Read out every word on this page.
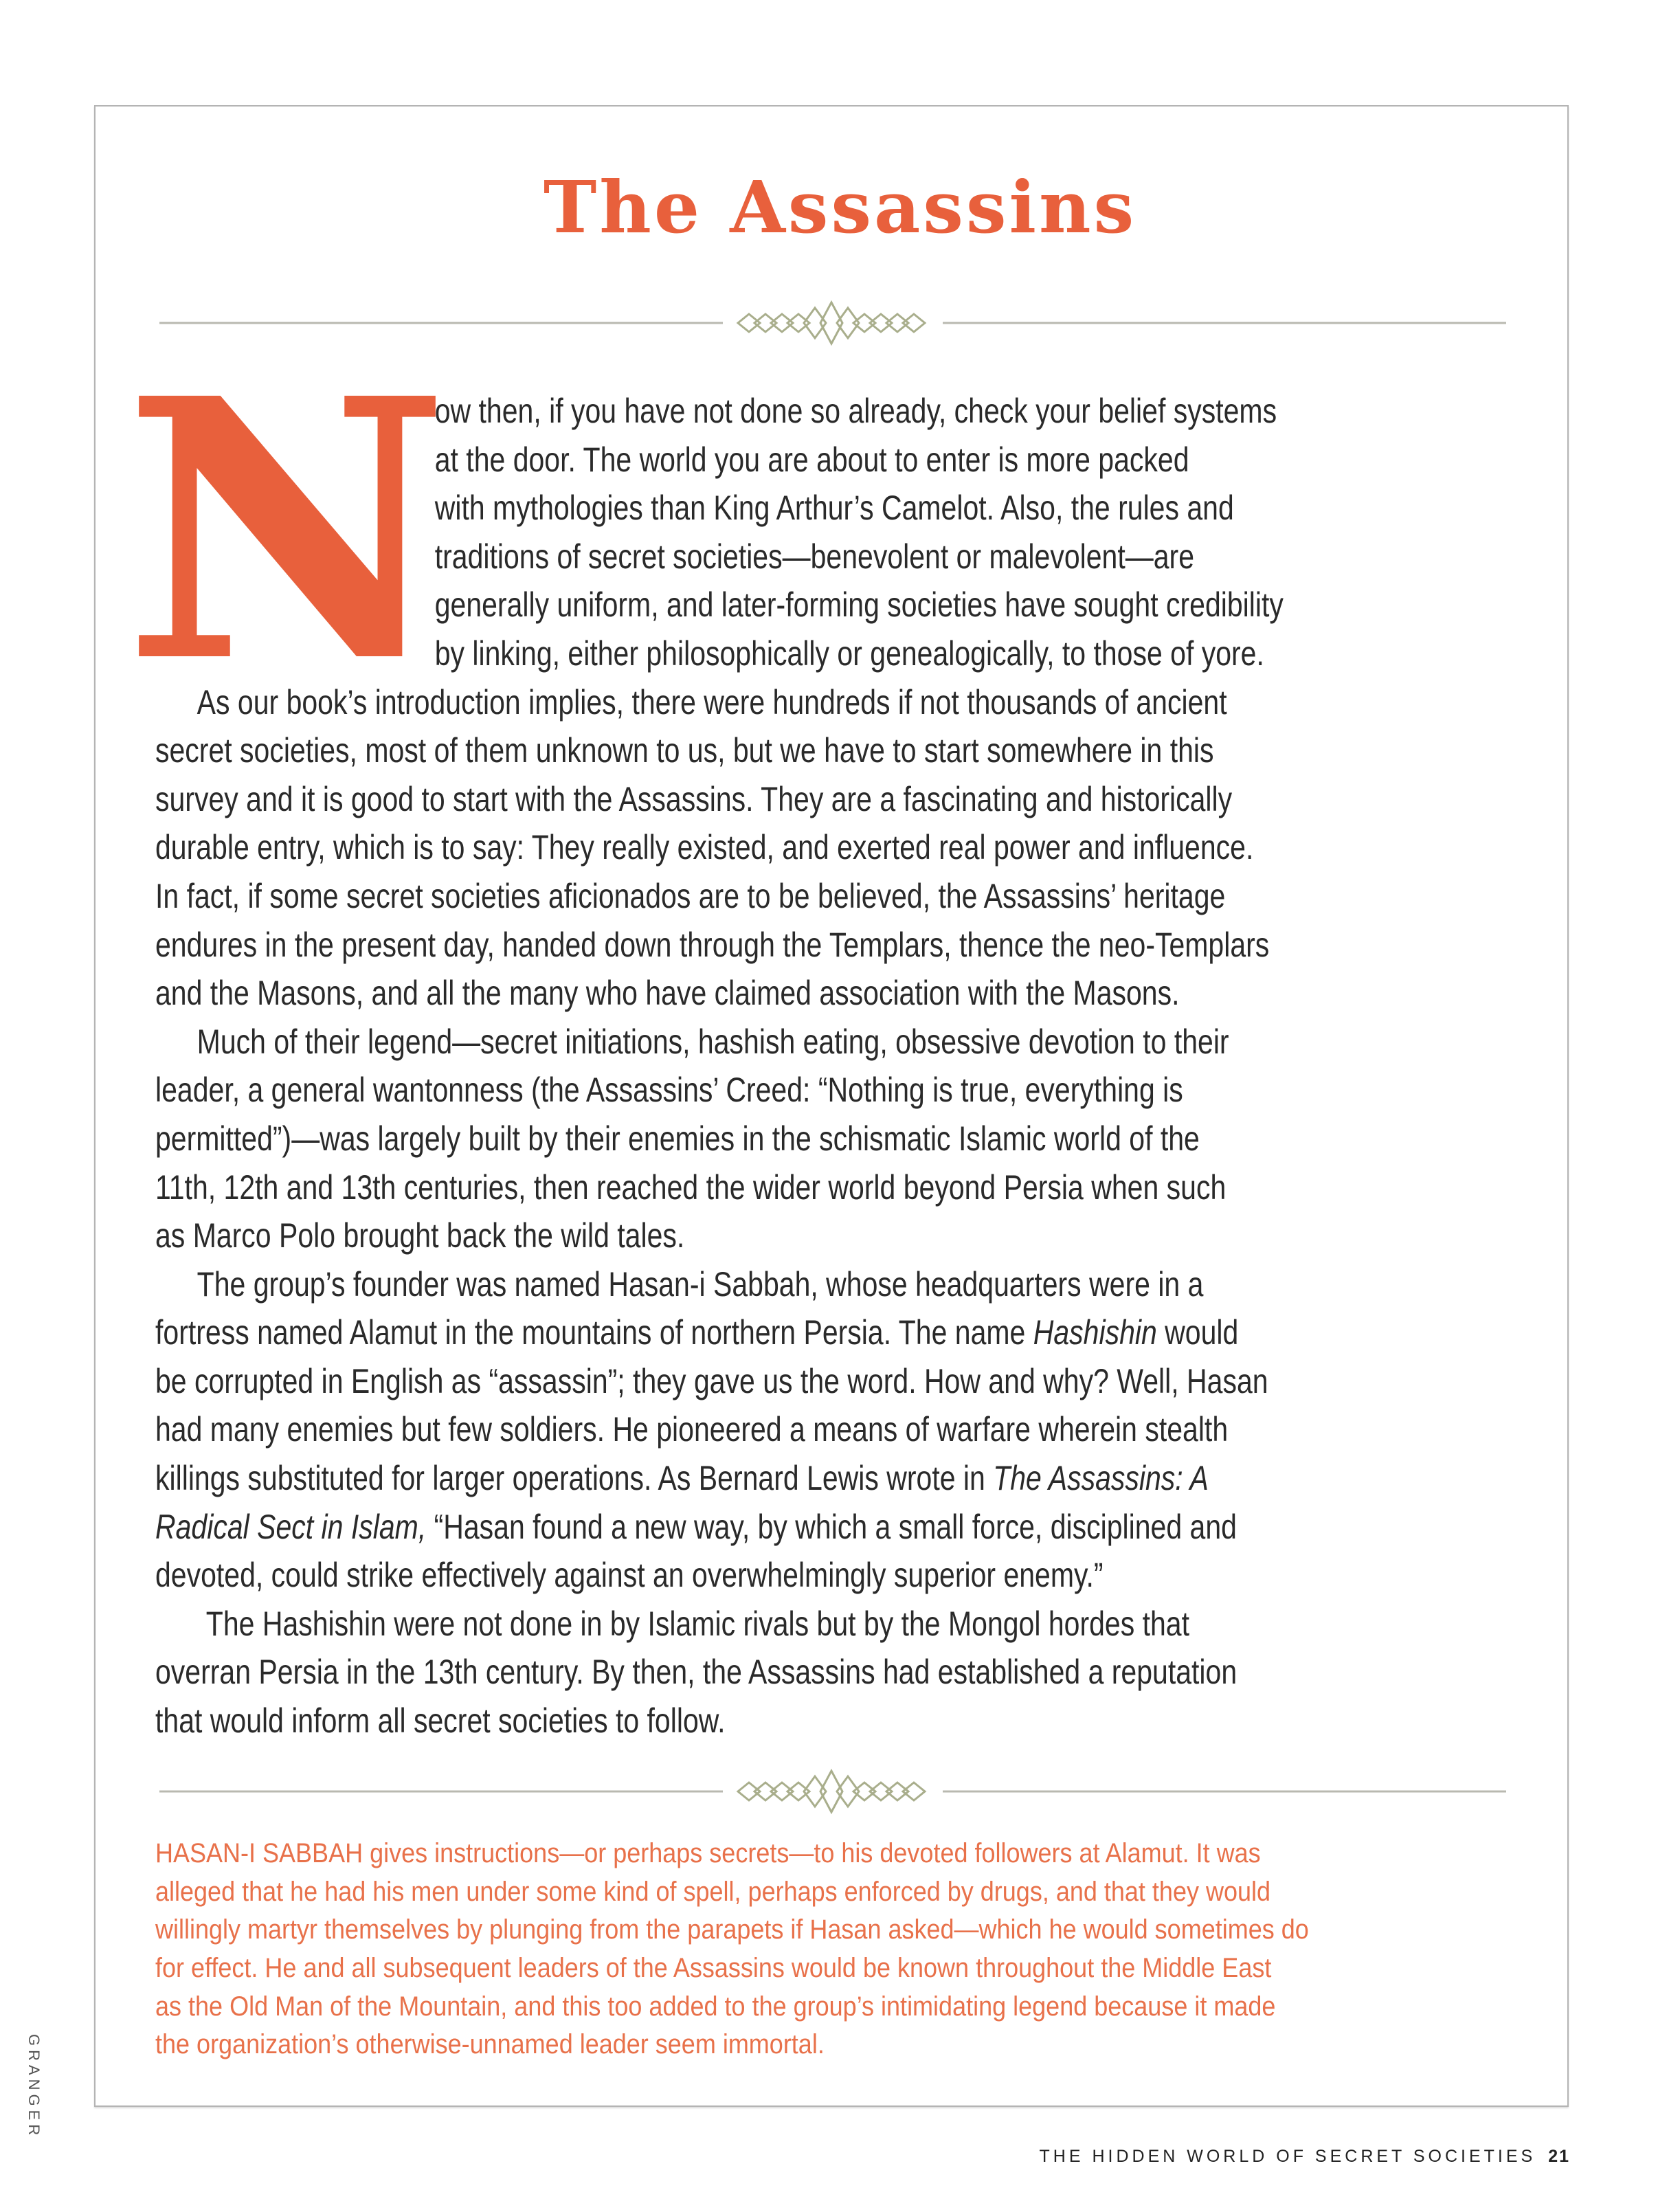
The Assassins
N
ow then, if you have not done so already, check your belief systems
at the door. The world you are about to enter is more packed
with mythologies than King Arthur’s Camelot. Also, the rules and
traditions of secret societies—benevolent or malevolent—are
generally uniform, and later-forming societies have sought credibility
by linking, either philosophically or genealogically, to those of yore.
As our book’s introduction implies, there were hundreds if not thousands of ancient
secret societies, most of them unknown to us, but we have to start somewhere in this
survey and it is good to start with the Assassins. They are a fascinating and historically
durable entry, which is to say: They really existed, and exerted real power and influence.
In fact, if some secret societies aficionados are to be believed, the Assassins’ heritage
endures in the present day, handed down through the Templars, thence the neo-Templars
and the Masons, and all the many who have claimed association with the Masons.
Much of their legend—secret initiations, hashish eating, obsessive devotion to their
leader, a general wantonness (the Assassins’ Creed: “Nothing is true, everything is
permitted”)—was largely built by their enemies in the schismatic Islamic world of the
11th, 12th and 13th centuries, then reached the wider world beyond Persia when such
as Marco Polo brought back the wild tales.
The group’s founder was named Hasan-i Sabbah, whose headquarters were in a
fortress named Alamut in the mountains of northern Persia. The name Hashishin would
be corrupted in English as “assassin”; they gave us the word. How and why? Well, Hasan
had many enemies but few soldiers. He pioneered a means of warfare wherein stealth
killings substituted for larger operations. As Bernard Lewis wrote in The Assassins: A
Radical Sect in Islam, “Hasan found a new way, by which a small force, disciplined and
devoted, could strike effectively against an overwhelmingly superior enemy.”
The Hashishin were not done in by Islamic rivals but by the Mongol hordes that
overran Persia in the 13th century. By then, the Assassins had established a reputation
that would inform all secret societies to follow.
HASAN-I SABBAH gives instructions—or perhaps secrets—to his devoted followers at Alamut. It was
alleged that he had his men under some kind of spell, perhaps enforced by drugs, and that they would
willingly martyr themselves by plunging from the parapets if Hasan asked—which he would sometimes do
for effect. He and all subsequent leaders of the Assassins would be known throughout the Middle East
as the Old Man of the Mountain, and this too added to the group’s intimidating legend because it made
the organization’s otherwise-unnamed leader seem immortal.
GRANGER
THE HIDDEN WORLD OF SECRET SOCIETIES 21
